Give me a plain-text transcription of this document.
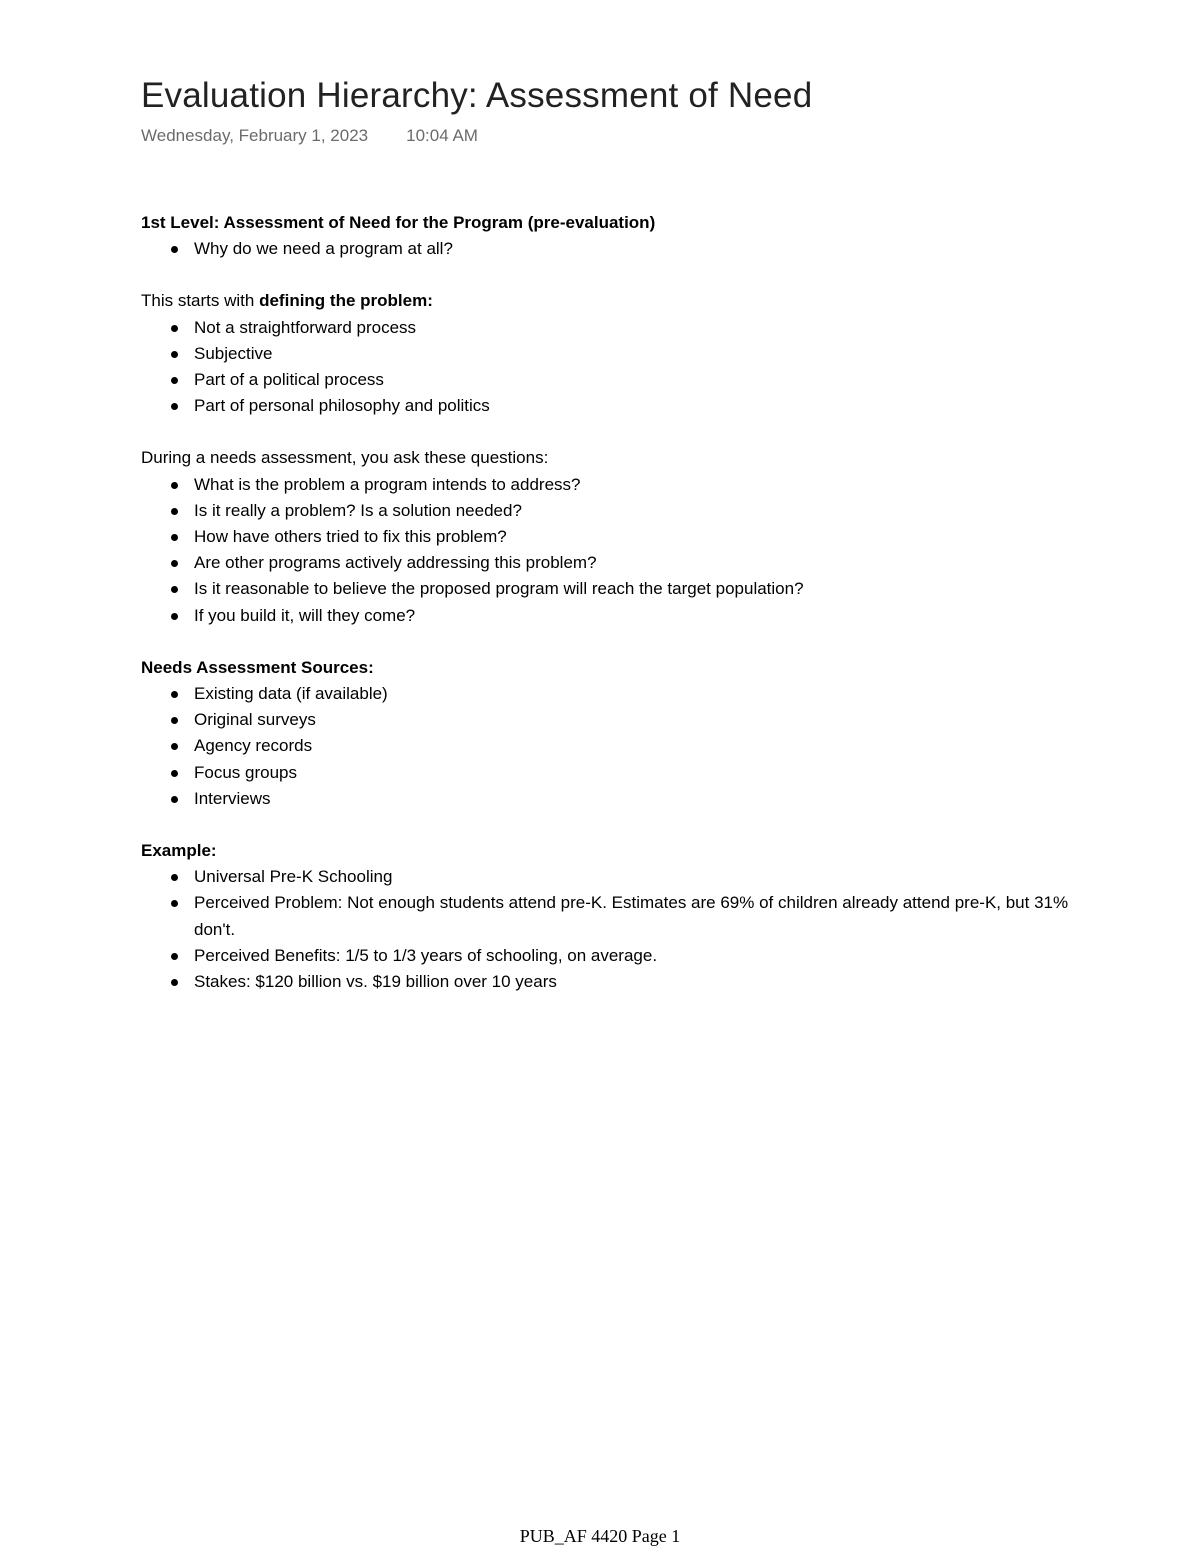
Evaluation Hierarchy: Assessment of Need
Wednesday, February 1, 2023 10:04 AM

1st Level: Assessment of Need for the Program (pre-evaluation)

Why do we need a program at all?

This starts with defining the problem:

Not a straightforward process
Subjective
Part of a political process
Part of personal philosophy and politics

During a needs assessment, you ask these questions:

What is the problem a program intends to address?
Is it really a problem? Is a solution needed?
How have others tried to fix this problem?
Are other programs actively addressing this problem?
Is it reasonable to believe the proposed program will reach the target population?
If you build it, will they come?

Needs Assessment Sources:

Existing data (if available)
Original surveys
Agency records
Focus groups
Interviews

Example:

Universal Pre-K Schooling
Perceived Problem: Not enough students attend pre-K. Estimates are 69% of children already attend pre-K, but 31% don't.
Perceived Benefits: 1/5 to 1/3 years of schooling, on average.
Stakes: $120 billion vs. $19 billion over 10 years
PUB_AF 4420 Page 1
